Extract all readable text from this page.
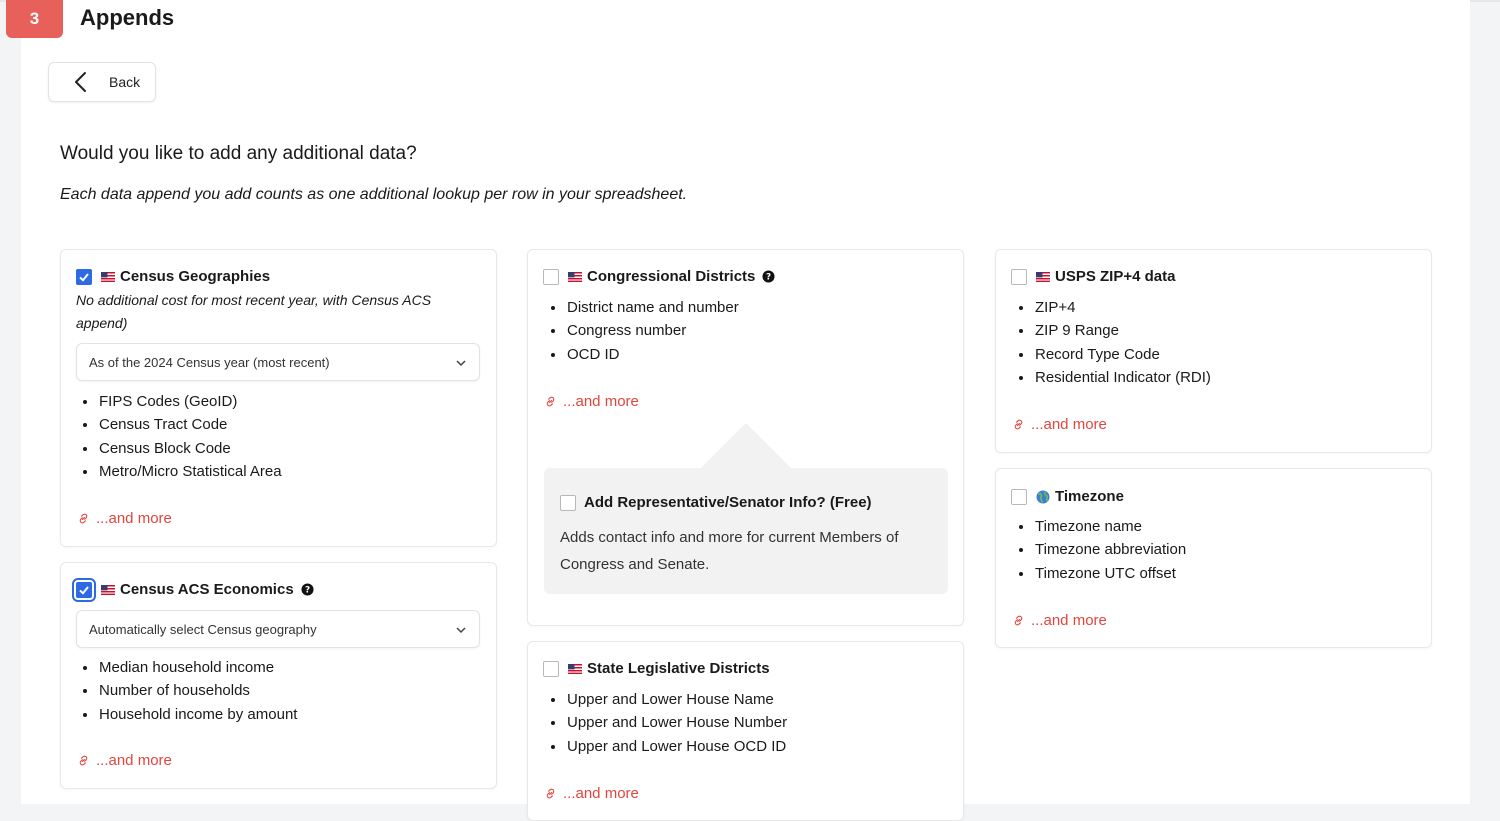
3	Appends
Back
Would you like to add any additional data?
Each data append you add counts as one additional lookup per row in your spreadsheet.
Census Geographies
No additional cost for most recent year, with Census ACS append)
As of the 2024 Census year (most recent)
• FIPS Codes (GeoID)
• Census Tract Code
• Census Block Code
• Metro/Micro Statistical Area
...and more
Census ACS Economics ?
Automatically select Census geography
• Median household income
• Number of households
• Household income by amount
...and more
Congressional Districts ?
• District name and number
• Congress number
• OCD ID
...and more
Add Representative/Senator Info? (Free)
Adds contact info and more for current Members of Congress and Senate.
State Legislative Districts
• Upper and Lower House Name
• Upper and Lower House Number
• Upper and Lower House OCD ID
...and more
USPS ZIP+4 data
• ZIP+4
• ZIP 9 Range
• Record Type Code
• Residential Indicator (RDI)
...and more
Timezone
• Timezone name
• Timezone abbreviation
• Timezone UTC offset
...and more
